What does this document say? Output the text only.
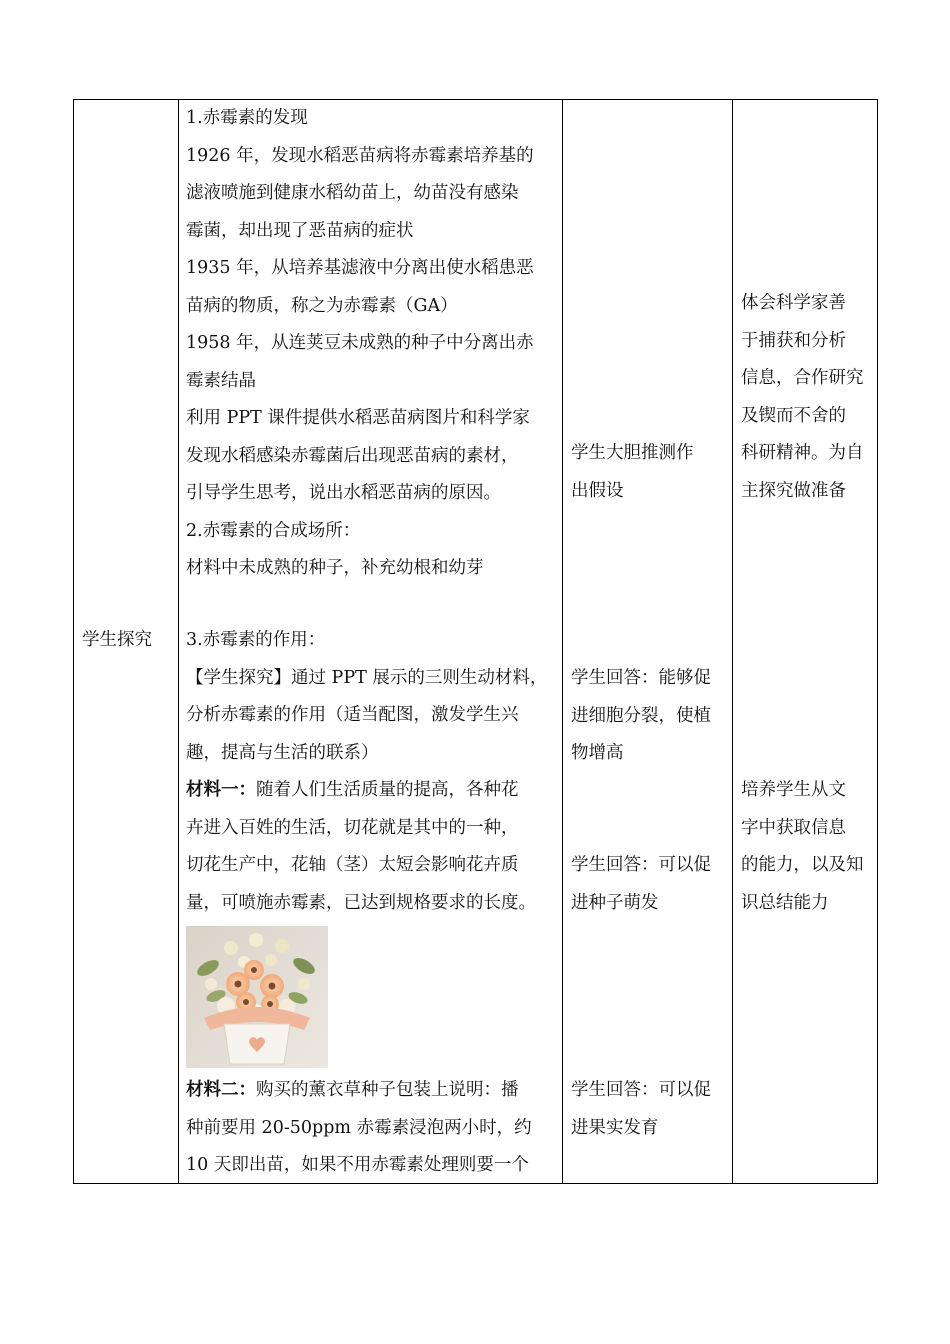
学生探究
1.赤霉素的发现
1926 年，发现水稻恶苗病将赤霉素培养基的
滤液喷施到健康水稻幼苗上，幼苗没有感染
霉菌，却出现了恶苗病的症状
1935 年，从培养基滤液中分离出使水稻患恶
苗病的物质，称之为赤霉素（GA）
1958 年，从连荚豆未成熟的种子中分离出赤
霉素结晶
利用 PPT 课件提供水稻恶苗病图片和科学家
发现水稻感染赤霉菌后出现恶苗病的素材，
引导学生思考，说出水稻恶苗病的原因。
2.赤霉素的合成场所：
材料中未成熟的种子，补充幼根和幼芽
3.赤霉素的作用：
【学生探究】通过 PPT 展示的三则生动材料，
分析赤霉素的作用（适当配图，激发学生兴
趣，提高与生活的联系）
材料一：随着人们生活质量的提高，各种花
卉进入百姓的生活，切花就是其中的一种，
切花生产中，花轴（茎）太短会影响花卉质
量，可喷施赤霉素，已达到规格要求的长度。
材料二：购买的薰衣草种子包装上说明：播
种前要用 20-50ppm 赤霉素浸泡两小时，约
10 天即出苗，如果不用赤霉素处理则要一个
学生大胆推测作
出假设
学生回答：能够促
进细胞分裂，使植
物增高
学生回答：可以促
进种子萌发
学生回答：可以促
进果实发育
体会科学家善
于捕获和分析
信息，合作研究
及锲而不舍的
科研精神。为自
主探究做准备
培养学生从文
字中获取信息
的能力，以及知
识总结能力
